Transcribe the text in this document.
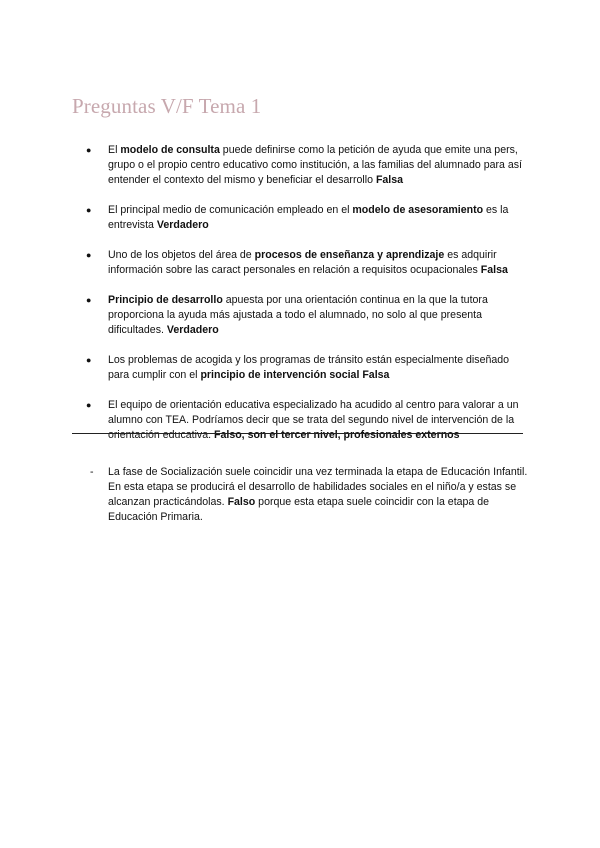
Preguntas V/F Tema 1
● El modelo de consulta puede definirse como la petición de ayuda que emite una pers, grupo o el propio centro educativo como institución, a las familias del alumnado para así entender el contexto del mismo y beneficiar el desarrollo Falsa
● El principal medio de comunicación empleado en el modelo de asesoramiento es la entrevista Verdadero
● Uno de los objetos del área de procesos de enseñanza y aprendizaje es adquirir información sobre las caract personales en relación a requisitos ocupacionales Falsa
● Principio de desarrollo apuesta por una orientación continua en la que la tutora proporciona la ayuda más ajustada a todo el alumnado, no solo al que presenta dificultades. Verdadero
● Los problemas de acogida y los programas de tránsito están especialmente diseñado para cumplir con el principio de intervención social Falsa
● El equipo de orientación educativa especializado ha acudido al centro para valorar a un alumno con TEA. Podríamos decir que se trata del segundo nivel de intervención de la orientación educativa. Falso, son el tercer nivel, profesionales externos
- La fase de Socialización suele coincidir una vez terminada la etapa de Educación Infantil. En esta etapa se producirá el desarrollo de habilidades sociales en el niño/a y estas se alcanzan practicándolas. Falso porque esta etapa suele coincidir con la etapa de Educación Primaria.
